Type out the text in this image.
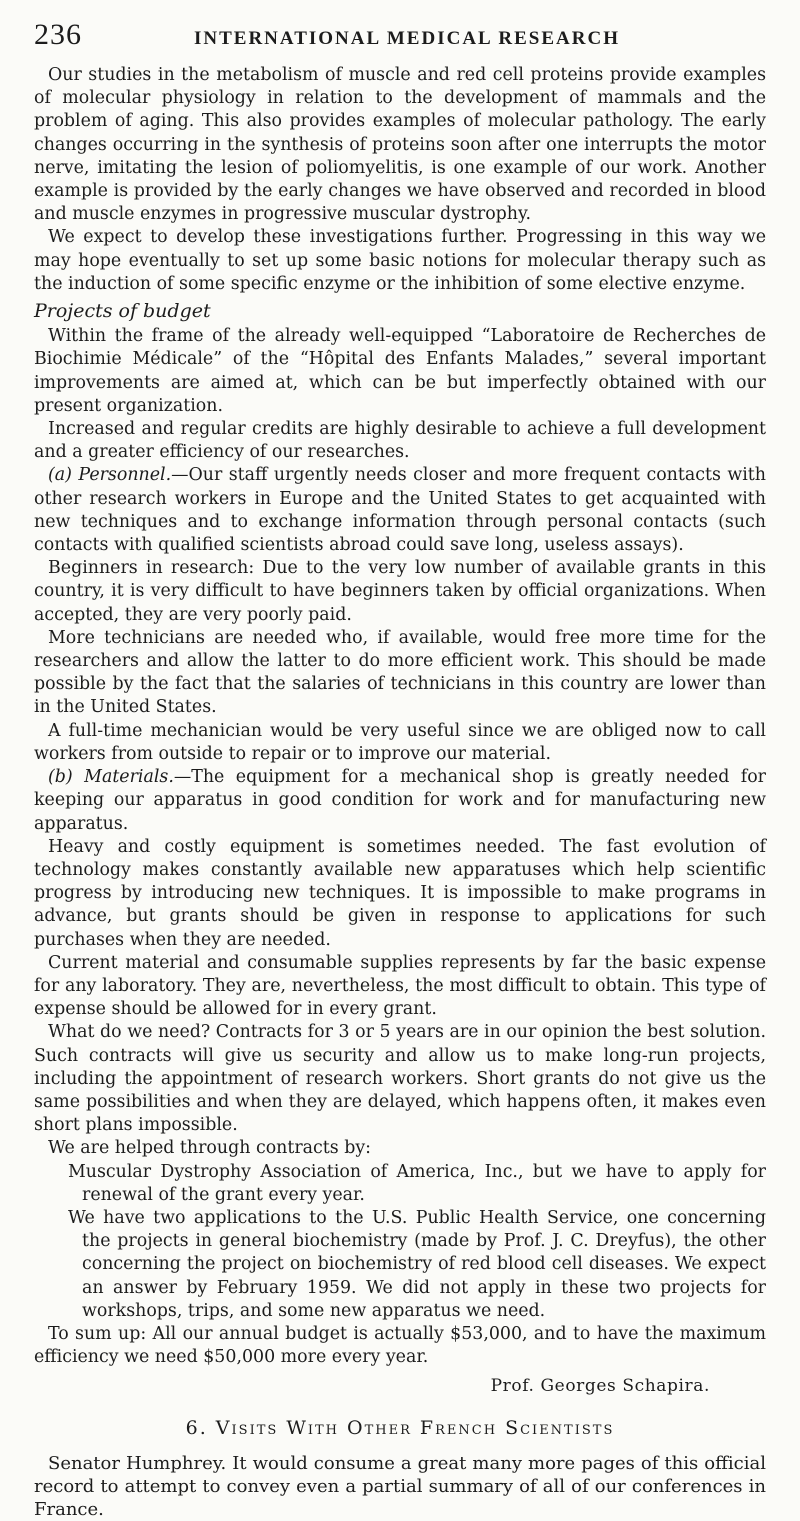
236	INTERNATIONAL MEDICAL RESEARCH

Our studies in the metabolism of muscle and red cell proteins provide examples of molecular physiology in relation to the development of mammals and the problem of aging. This also provides examples of molecular pathology. The early changes occurring in the synthesis of proteins soon after one interrupts the motor nerve, imitating the lesion of poliomyelitis, is one example of our work. Another example is provided by the early changes we have observed and recorded in blood and muscle enzymes in progressive muscular dystrophy.

We expect to develop these investigations further. Progressing in this way we may hope eventually to set up some basic notions for molecular therapy such as the induction of some specific enzyme or the inhibition of some elective enzyme.

Projects of budget

Within the frame of the already well-equipped “Laboratoire de Recherches de Biochimie Médicale” of the “Hôpital des Enfants Malades,” several important improvements are aimed at, which can be but imperfectly obtained with our present organization.

Increased and regular credits are highly desirable to achieve a full development and a greater efficiency of our researches.

(a) Personnel.—Our staff urgently needs closer and more frequent contacts with other research workers in Europe and the United States to get acquainted with new techniques and to exchange information through personal contacts (such contacts with qualified scientists abroad could save long, useless assays).

Beginners in research: Due to the very low number of available grants in this country, it is very difficult to have beginners taken by official organizations. When accepted, they are very poorly paid.

More technicians are needed who, if available, would free more time for the researchers and allow the latter to do more efficient work. This should be made possible by the fact that the salaries of technicians in this country are lower than in the United States.

A full-time mechanician would be very useful since we are obliged now to call workers from outside to repair or to improve our material.

(b) Materials.—The equipment for a mechanical shop is greatly needed for keeping our apparatus in good condition for work and for manufacturing new apparatus.

Heavy and costly equipment is sometimes needed. The fast evolution of technology makes constantly available new apparatuses which help scientific progress by introducing new techniques. It is impossible to make programs in advance, but grants should be given in response to applications for such purchases when they are needed.

Current material and consumable supplies represents by far the basic expense for any laboratory. They are, nevertheless, the most difficult to obtain. This type of expense should be allowed for in every grant.

What do we need? Contracts for 3 or 5 years are in our opinion the best solution. Such contracts will give us security and allow us to make long-run projects, including the appointment of research workers. Short grants do not give us the same possibilities and when they are delayed, which happens often, it makes even short plans impossible.

We are helped through contracts by:

Muscular Dystrophy Association of America, Inc., but we have to apply for renewal of the grant every year.

We have two applications to the U.S. Public Health Service, one concerning the projects in general biochemistry (made by Prof. J. C. Dreyfus), the other concerning the project on biochemistry of red blood cell diseases. We expect an answer by February 1959. We did not apply in these two projects for workshops, trips, and some new apparatus we need.

To sum up: All our annual budget is actually $53,000, and to have the maximum efficiency we need $50,000 more every year.

Prof. Georges Schapira.
6. Visits With Other French Scientists

Senator Humphrey. It would consume a great many more pages of this official record to attempt to convey even a partial summary of all of our conferences in France.
